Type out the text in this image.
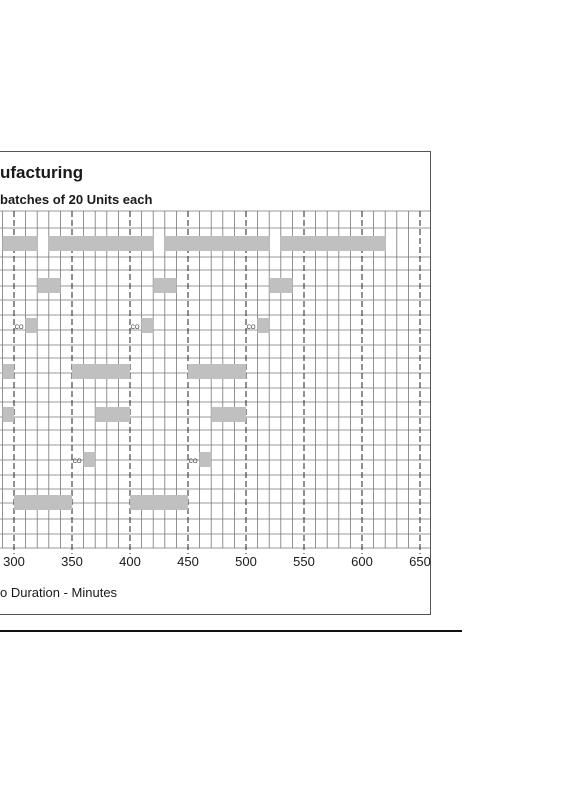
ufacturing
batches of 20 Units each
o Duration - Minutes
CO	CO	CO
CO	CO
300	350	400	450	500	550	600	650
